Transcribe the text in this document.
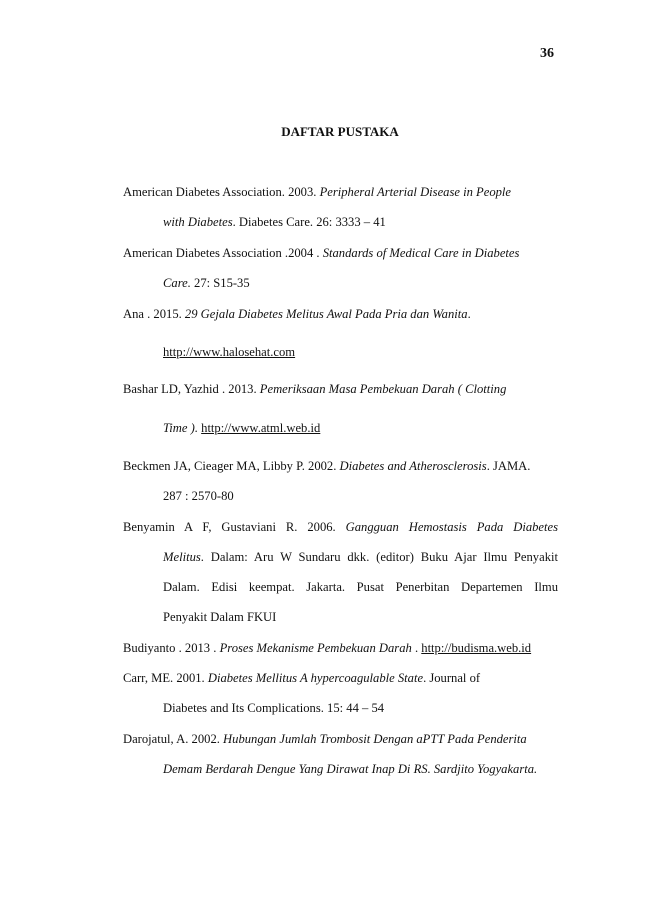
36
DAFTAR PUSTAKA
American Diabetes Association. 2003. Peripheral Arterial Disease in People
with Diabetes. Diabetes Care. 26: 3333 – 41
American Diabetes Association .2004 . Standards of Medical Care in Diabetes
Care. 27: S15-35
Ana . 2015. 29 Gejala Diabetes Melitus Awal Pada Pria dan Wanita.
http://www.halosehat.com
Bashar LD, Yazhid . 2013. Pemeriksaan Masa Pembekuan Darah ( Clotting
Time ). http://www.atml.web.id
Beckmen JA, Cieager MA, Libby P. 2002. Diabetes and Atherosclerosis. JAMA.
287 : 2570-80
Benyamin A F, Gustaviani R. 2006. Gangguan Hemostasis Pada Diabetes
Melitus. Dalam: Aru W Sundaru dkk. (editor) Buku Ajar Ilmu Penyakit
Dalam. Edisi keempat. Jakarta. Pusat Penerbitan Departemen Ilmu
Penyakit Dalam FKUI
Budiyanto . 2013 . Proses Mekanisme Pembekuan Darah . http://budisma.web.id
Carr, ME. 2001. Diabetes Mellitus A hypercoagulable State. Journal of
Diabetes and Its Complications. 15: 44 – 54
Darojatul, A. 2002. Hubungan Jumlah Trombosit Dengan aPTT Pada Penderita
Demam Berdarah Dengue Yang Dirawat Inap Di RS. Sardjito Yogyakarta.
